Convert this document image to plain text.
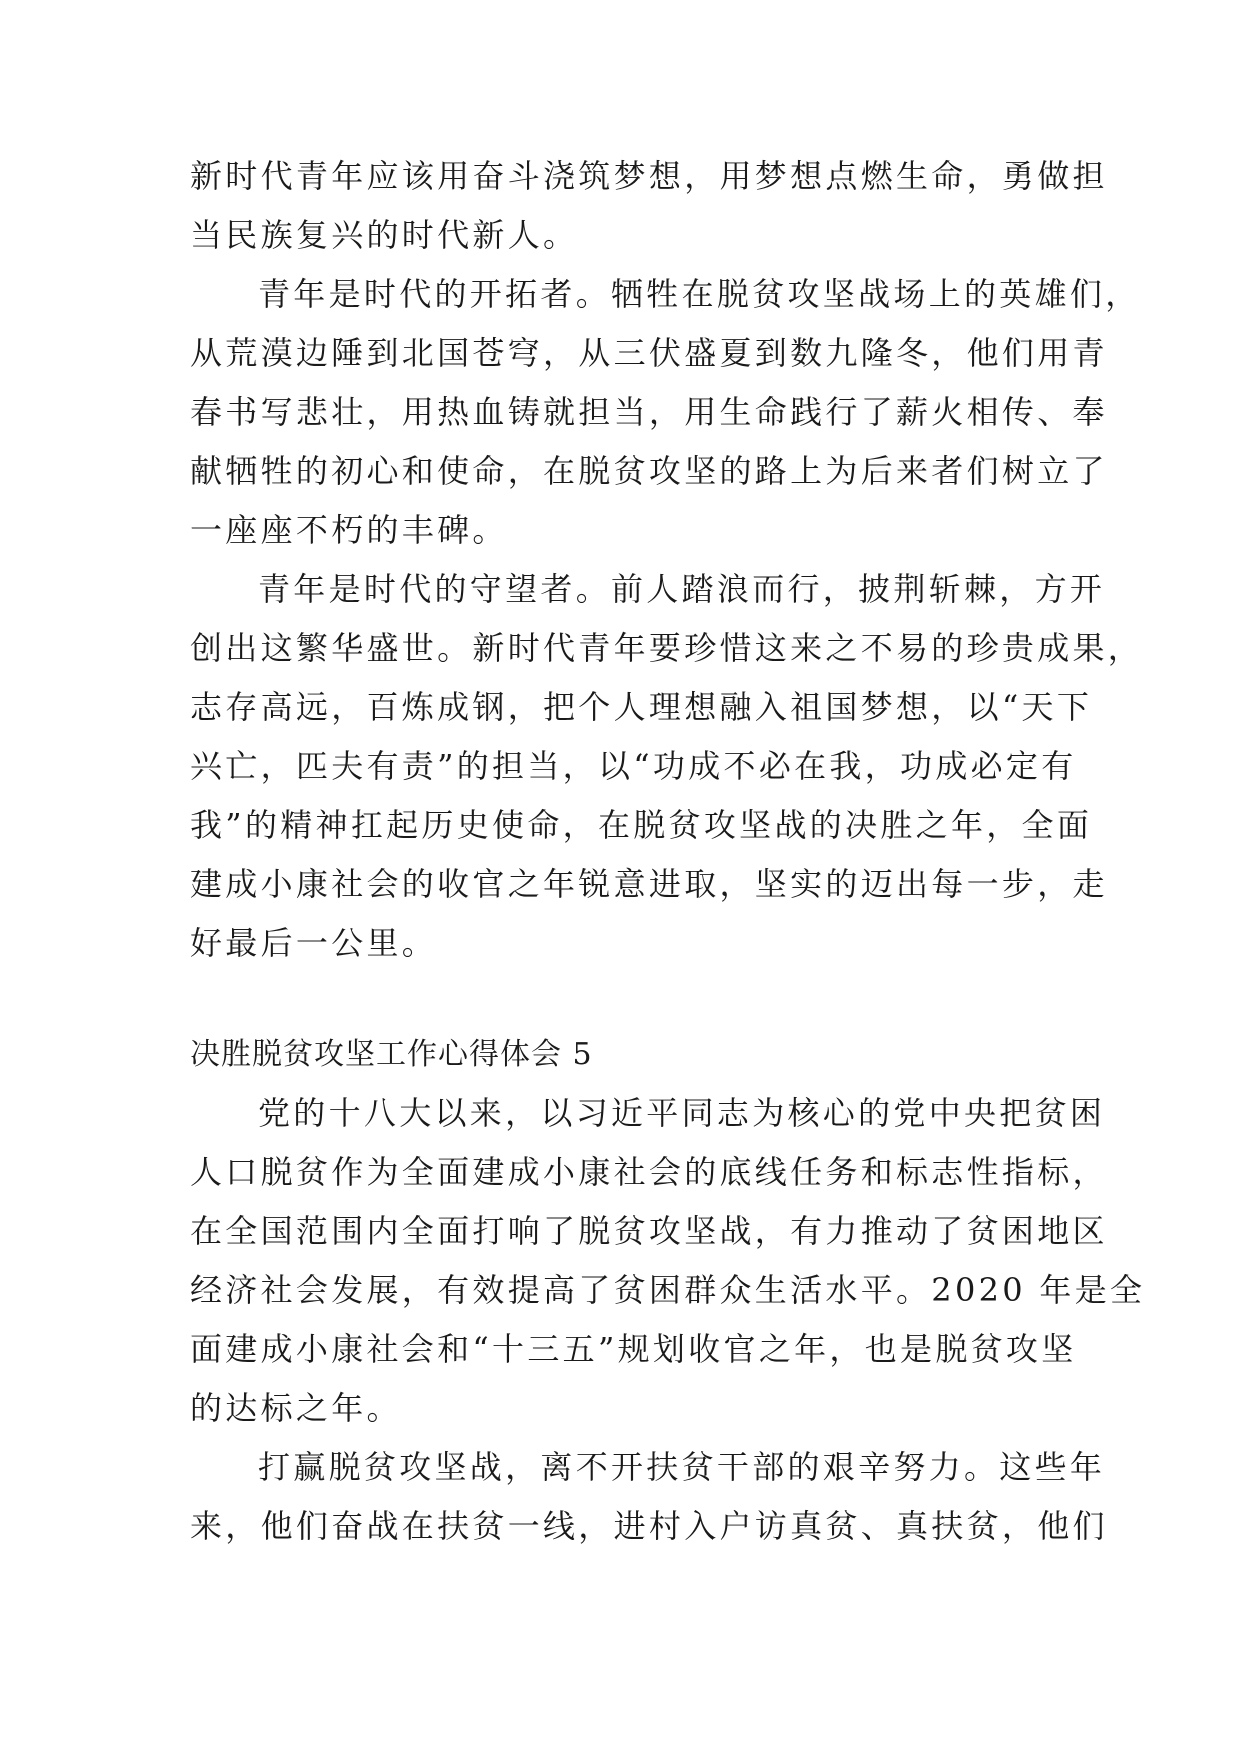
新时代青年应该用奋斗浇筑梦想，用梦想点燃生命，勇做担
当民族复兴的时代新人。
青年是时代的开拓者。牺牲在脱贫攻坚战场上的英雄们，
从荒漠边陲到北国苍穹，从三伏盛夏到数九隆冬，他们用青
春书写悲壮，用热血铸就担当，用生命践行了薪火相传、奉
献牺牲的初心和使命，在脱贫攻坚的路上为后来者们树立了
一座座不朽的丰碑。
青年是时代的守望者。前人踏浪而行，披荆斩棘，方开
创出这繁华盛世。新时代青年要珍惜这来之不易的珍贵成果，
志存高远，百炼成钢，把个人理想融入祖国梦想，以“天下
兴亡，匹夫有责”的担当，以“功成不必在我，功成必定有
我”的精神扛起历史使命，在脱贫攻坚战的决胜之年，全面
建成小康社会的收官之年锐意进取，坚实的迈出每一步，走
好最后一公里。
决胜脱贫攻坚工作心得体会 5
党的十八大以来，以习近平同志为核心的党中央把贫困
人口脱贫作为全面建成小康社会的底线任务和标志性指标，
在全国范围内全面打响了脱贫攻坚战，有力推动了贫困地区
经济社会发展，有效提高了贫困群众生活水平。2020 年是全
面建成小康社会和“十三五”规划收官之年，也是脱贫攻坚
的达标之年。
打赢脱贫攻坚战，离不开扶贫干部的艰辛努力。这些年
来，他们奋战在扶贫一线，进村入户访真贫、真扶贫，他们
